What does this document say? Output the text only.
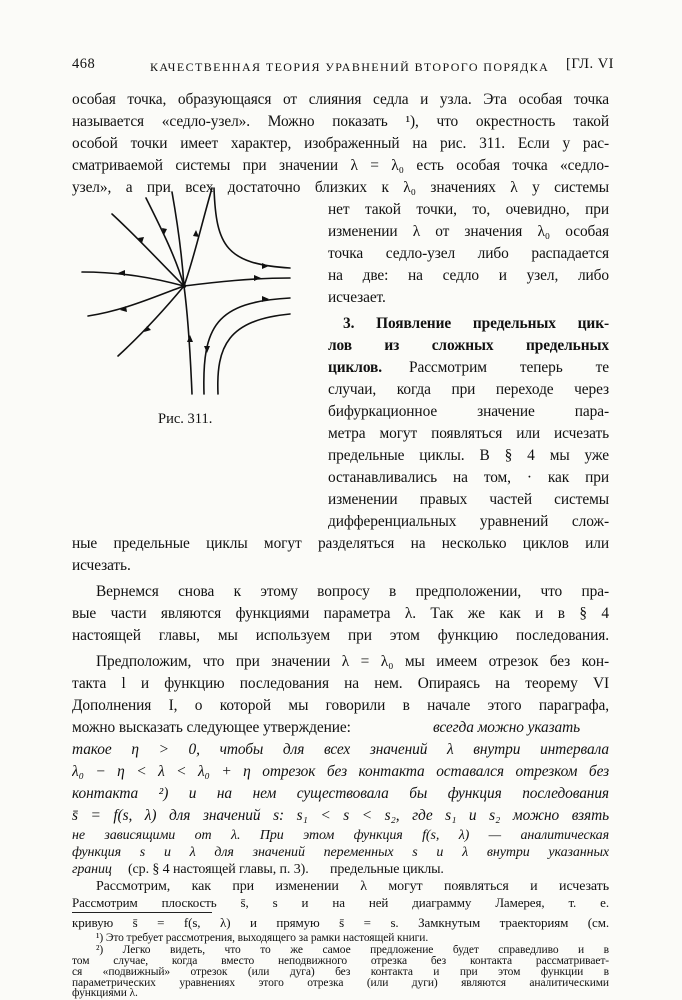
468	КАЧЕСТВЕННАЯ ТЕОРИЯ УРАВНЕНИЙ ВТОРОГО ПОРЯДКА [ГЛ. VI
особая точка, образующаяся от слияния седла и узла. Эта особая точка
называется «седло-узел». Можно показать ¹), что окрестность такой
особой точки имеет характер, изображенный на рис. 311. Если у рас-
сматриваемой системы при значении λ = λ₀ есть особая точка «седло-
узел», а при всех достаточно близких к λ₀ значениях λ у системы
Рис. 311.
нет такой точки, то, очевидно, при
изменении λ от значения λ₀ особая
точка седло-узел либо распадается
на две: на седло и узел, либо
исчезает.
3. Появление предельных цик-
лов из сложных предельных
циклов. Рассмотрим теперь те
случаи, когда при переходе через
бифуркационное значение пара-
метра могут появляться или исчезать
предельные циклы. В § 4 мы уже
останавливались на том, · как при
изменении правых частей системы
дифференциальных уравнений слож-
ные предельные циклы могут разделяться на несколько циклов или
исчезать.
Вернемся снова к этому вопросу в предположении, что пра-
вые части являются функциями параметра λ. Так же как и в § 4
настоящей главы, мы используем при этом функцию последования.
Предположим, что при значении λ = λ₀ мы имеем отрезок без кон-
такта l и функцию последования на нем. Опираясь на теорему VI
Дополнения I, о которой мы говорили в начале этого параграфа,
можно высказать следующее утверждение:	всегда можно указать
такое η > 0, чтобы для всех значений λ внутри интервала
λ₀ − η < λ < λ₀ + η отрезок без контакта оставался отрезком без
контакта ²) и на нем существовала бы функция последования
s̄ = f(s, λ) для значений s: s₁ < s < s₂, где s₁ и s₂ можно взять
не зависящими от λ. При этом функция f(s, λ) — аналитическая
функция s и λ для значений переменных s и λ внутри указанных
границ (ср. § 4 настоящей главы, п. 3).
Рассмотрим, как при изменении λ могут появляться и исчезать
предельные циклы.
Рассмотрим плоскость s̄, s и на ней диаграмму Ламерея, т. е.
кривую s̄ = f(s, λ) и прямую s̄ = s. Замкнутым траекториям (см.
¹) Это требует рассмотрения, выходящего за рамки настоящей книги.
²) Легко видеть, что то же самое предложение будет справедливо и в
том случае, когда вместо неподвижного отрезка без контакта рассматривает-
ся «подвижный» отрезок (или дуга) без контакта и при этом функции в
параметрических уравнениях этого отрезка (или дуги) являются аналитическими
функциями λ.
